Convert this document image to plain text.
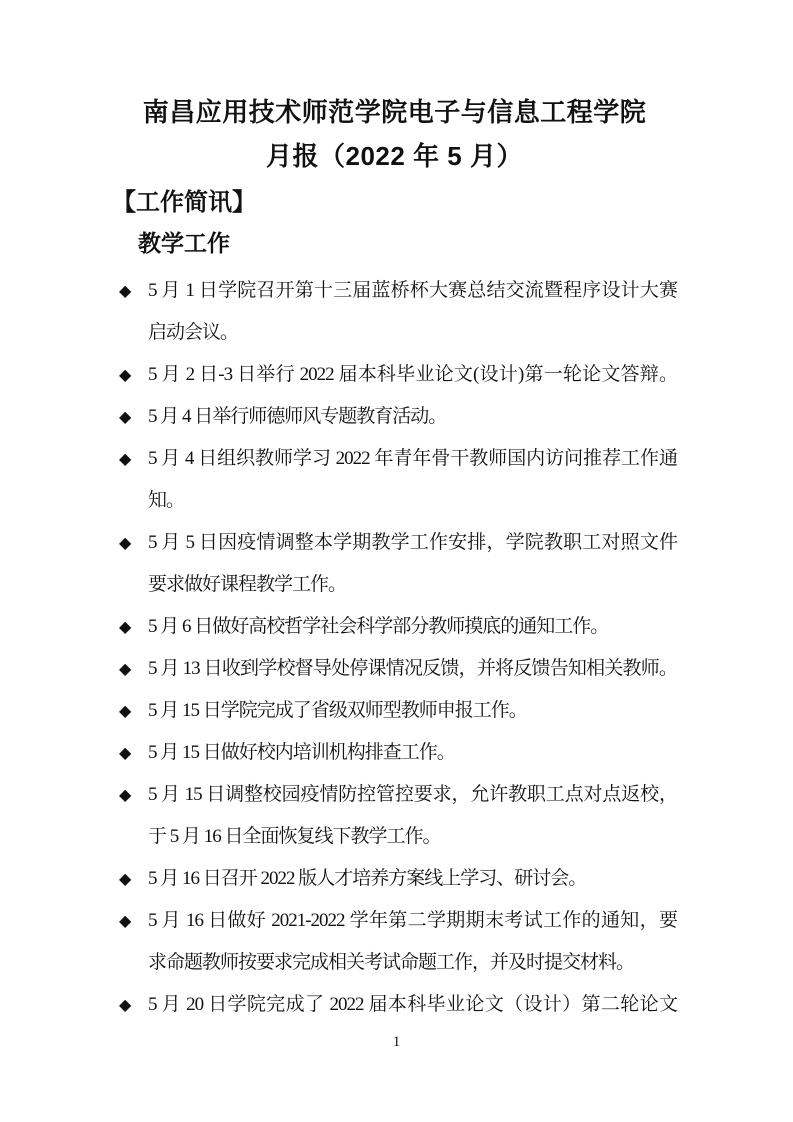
南昌应用技术师范学院电子与信息工程学院
月报（2022 年 5 月）
【工作简讯】
教学工作
◆ 5 月 1 日学院召开第十三届蓝桥杯大赛总结交流暨程序设计大赛
启动会议。
◆ 5 月 2 日-3 日举行 2022 届本科毕业论文(设计)第一轮论文答辩。
◆ 5 月 4 日举行师德师风专题教育活动。
◆ 5 月 4 日组织教师学习 2022 年青年骨干教师国内访问推荐工作通
知。
◆ 5 月 5 日因疫情调整本学期教学工作安排，学院教职工对照文件
要求做好课程教学工作。
◆ 5 月 6 日做好高校哲学社会科学部分教师摸底的通知工作。
◆ 5 月 13 日收到学校督导处停课情况反馈，并将反馈告知相关教师。
◆ 5 月 15 日学院完成了省级双师型教师申报工作。
◆ 5 月 15 日做好校内培训机构排查工作。
◆ 5 月 15 日调整校园疫情防控管控要求，允许教职工点对点返校，
于 5 月 16 日全面恢复线下教学工作。
◆ 5 月 16 日召开 2022 版人才培养方案线上学习、研讨会。
◆ 5 月 16 日做好 2021-2022 学年第二学期期末考试工作的通知，要
求命题教师按要求完成相关考试命题工作，并及时提交材料。
◆ 5 月 20 日学院完成了 2022 届本科毕业论文（设计）第二轮论文
1
